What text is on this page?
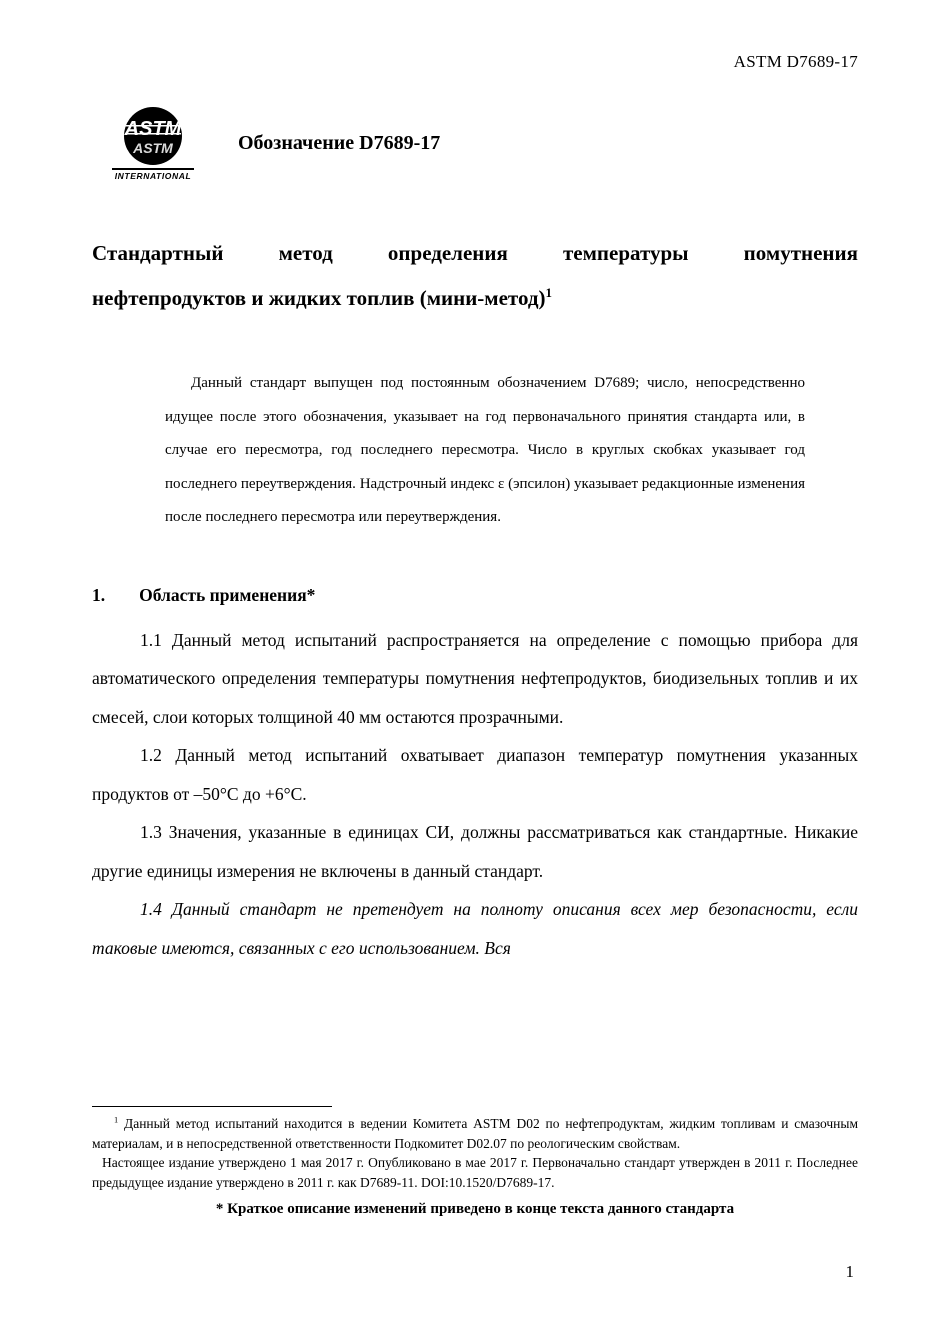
ASTM D7689-17
ASTM
ASTM
INTERNATIONAL
Обозначение D7689-17
Стандартный метод определения температуры помутнения
нефтепродуктов и жидких топлив (мини-метод)$^1$

Данный стандарт выпущен под постоянным обозначением D7689; число, непосредственно идущее после этого обозначения, указывает на год первоначального принятия стандарта или, в случае его пересмотра, год последнего пересмотра. Число в круглых скобках указывает год последнего переутверждения. Надстрочный индекс ε (эпсилон) указывает редакционные изменения после последнего пересмотра или переутверждения.

1. Область применения*

1.1 Данный метод испытаний распространяется на определение с помощью прибора для автоматического определения температуры помутнения нефтепродуктов, биодизельных топлив и их смесей, слои которых толщиной 40 мм остаются прозрачными.

1.2 Данный метод испытаний охватывает диапазон температур помутнения указанных продуктов от –50°C до +6°C.

1.3 Значения, указанные в единицах СИ, должны рассматриваться как стандартные. Никакие другие единицы измерения не включены в данный стандарт.

1.4 Данный стандарт не претендует на полноту описания всех мер безопасности, если таковые имеются, связанных с его использованием. Вся

$^1$ Данный метод испытаний находится в ведении Комитета ASTM D02 по нефтепродуктам, жидким топливам и смазочным материалам, и в непосредственной ответственности Подкомитет D02.07 по реологическим свойствам.

Настоящее издание утверждено 1 мая 2017 г. Опубликовано в мае 2017 г. Первоначально стандарт утвержден в 2011 г. Последнее предыдущее издание утверждено в 2011 г. как D7689-11. DOI:10.1520/D7689-17.

* Краткое описание изменений приведено в конце текста данного стандарта

1
